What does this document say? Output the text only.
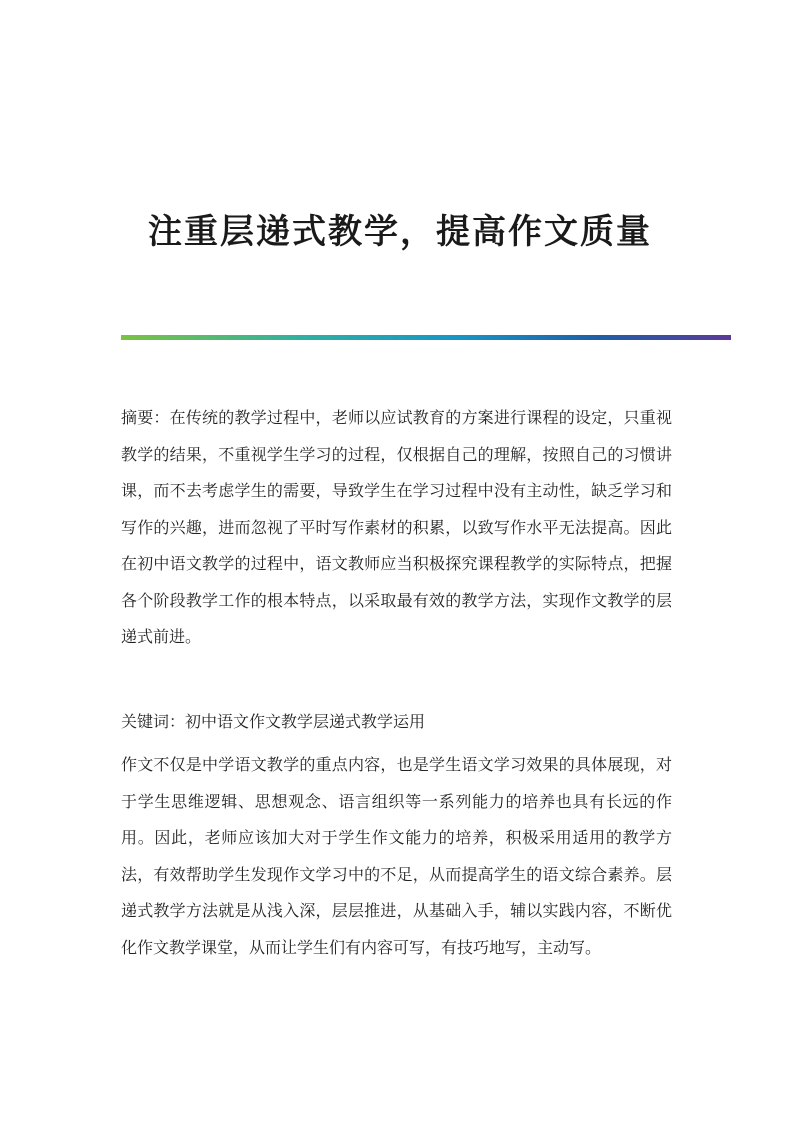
注重层递式教学，提高作文质量

摘要：在传统的教学过程中，老师以应试教育的方案进行课程的设定，只重视教学的结果，不重视学生学习的过程，仅根据自己的理解，按照自己的习惯讲课，而不去考虑学生的需要，导致学生在学习过程中没有主动性，缺乏学习和写作的兴趣，进而忽视了平时写作素材的积累，以致写作水平无法提高。因此在初中语文教学的过程中，语文教师应当积极探究课程教学的实际特点，把握各个阶段教学工作的根本特点，以采取最有效的教学方法，实现作文教学的层递式前进。

关键词：初中语文作文教学层递式教学运用

作文不仅是中学语文教学的重点内容，也是学生语文学习效果的具体展现，对于学生思维逻辑、思想观念、语言组织等一系列能力的培养也具有长远的作用。因此，老师应该加大对于学生作文能力的培养，积极采用适用的教学方法，有效帮助学生发现作文学习中的不足，从而提高学生的语文综合素养。层递式教学方法就是从浅入深，层层推进，从基础入手，辅以实践内容，不断优化作文教学课堂，从而让学生们有内容可写，有技巧地写，主动写。
